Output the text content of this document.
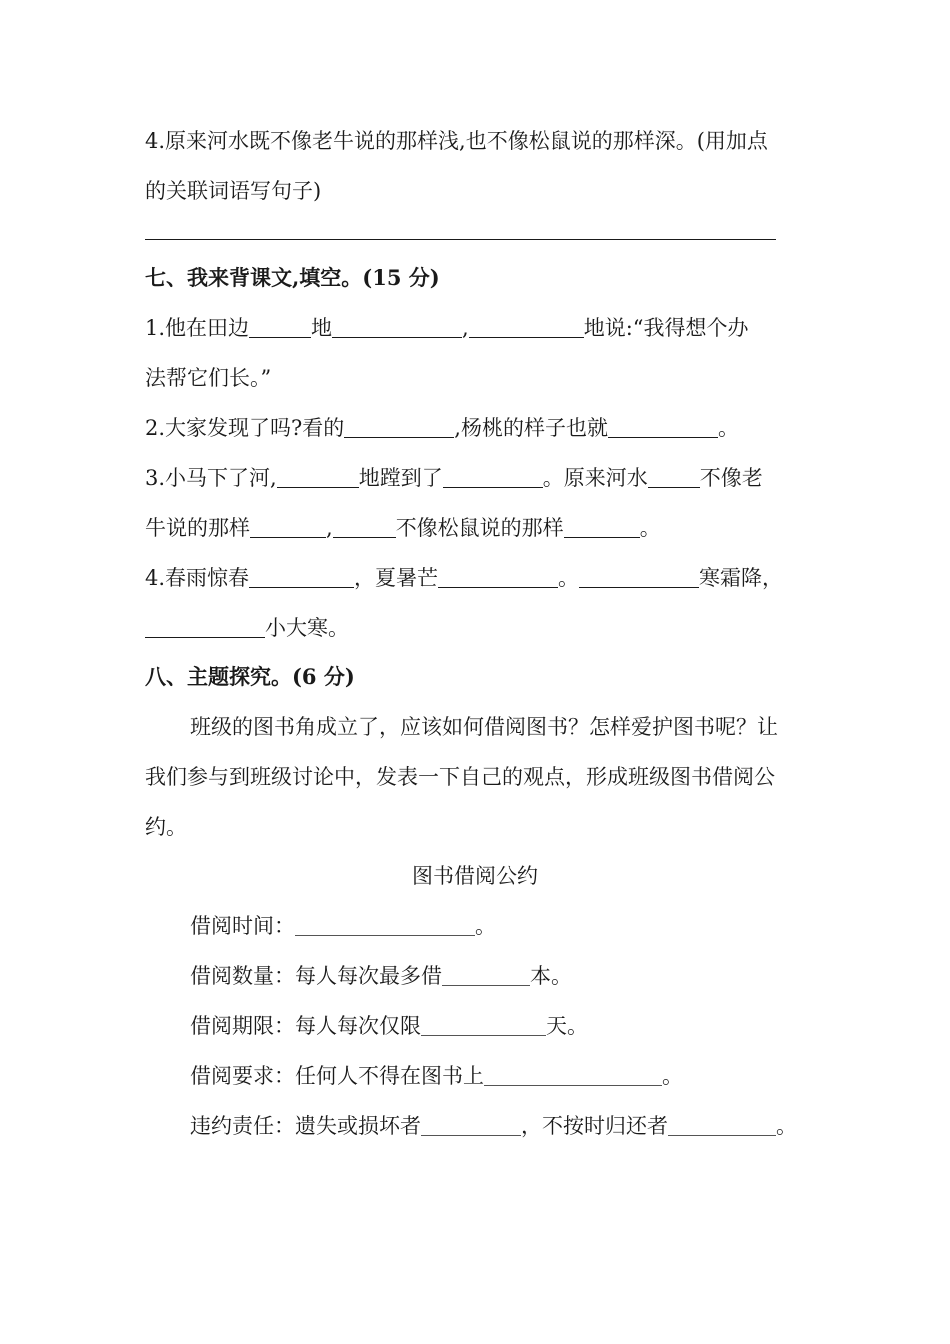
4.原来河水既不像老牛说的那样浅,也不像松鼠说的那样深。(用加点
的关联词语写句子)
七、我来背课文,填空。(15 分)
1.他在田边	地	,	地说:“我得想个办
法帮它们长。”
2.大家发现了吗?看的	,杨桃的样子也就	。
3.小马下了河,	地蹚到了	。原来河水 不像老
牛说的那样	,	不像松鼠说的那样	。
4.春雨惊春	，夏暑芒	。	寒霜降，
小大寒。
八、主题探究。(6 分)
班级的图书角成立了，应该如何借阅图书？怎样爱护图书呢？让
我们参与到班级讨论中，发表一下自己的观点，形成班级图书借阅公
约。
图书借阅公约
借阅时间：	。
借阅数量：每人每次最多借	本。
借阅期限：每人每次仅限	天。
借阅要求：任何人不得在图书上	。
违约责任：遗失或损坏者	，不按时归还者	。
